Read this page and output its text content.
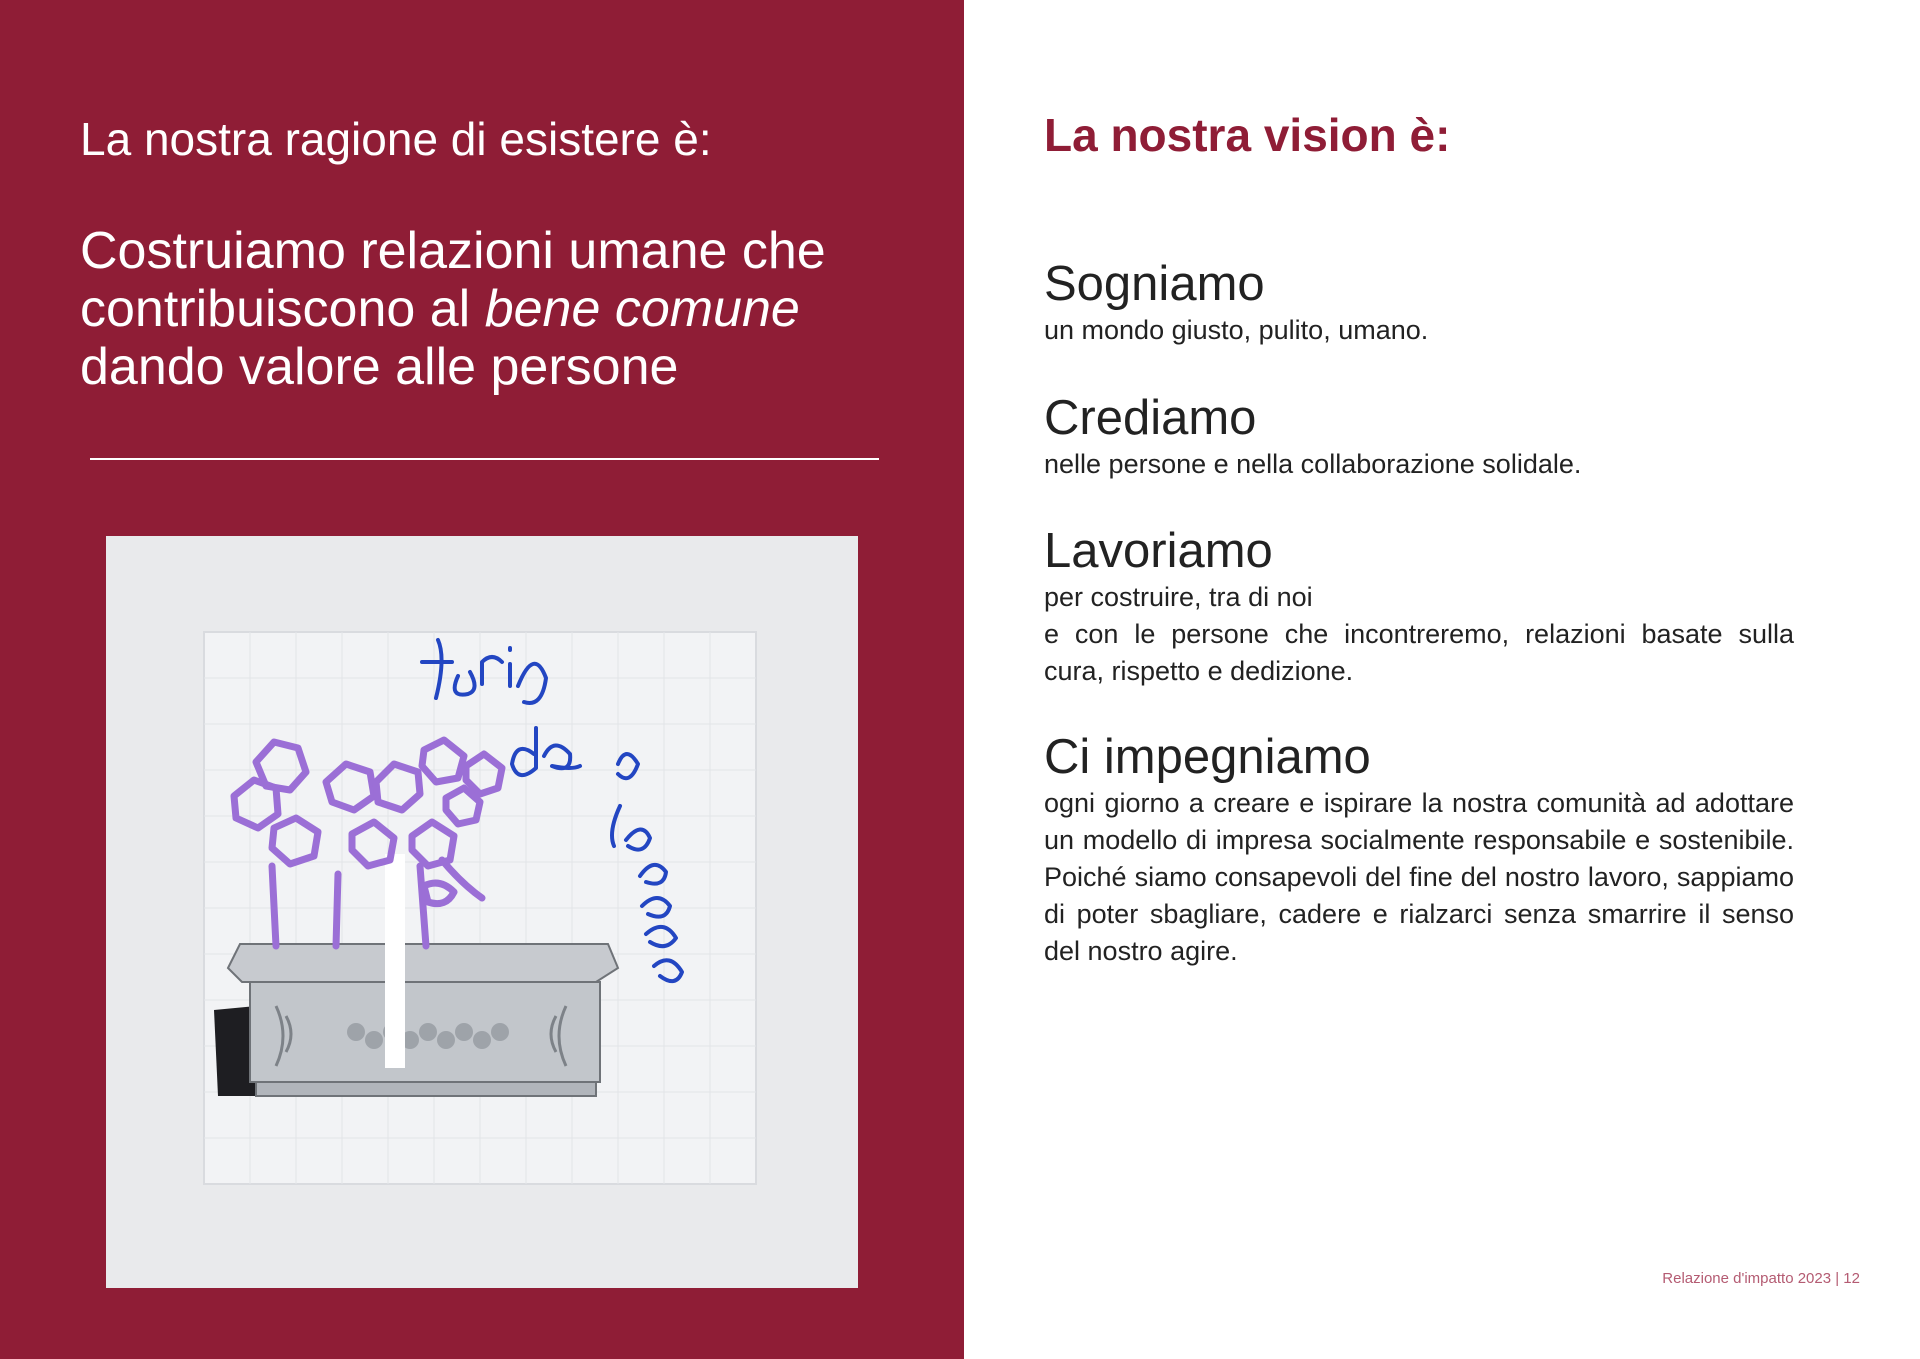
La nostra ragione di esistere è:

Costruiamo relazioni umane che contribuiscono al bene comune dando valore alle persone

La nostra vision è:
Sogniamo

un mondo giusto, pulito, umano.

Crediamo

nelle persone e nella collaborazione solidale.

Lavoriamo

per costruire, tra di noi

e con le persone che incontreremo, relazioni basate sulla cura, rispetto e dedizione.

Ci impegniamo

ogni giorno a creare e ispirare la nostra comunità ad adottare un modello di impresa socialmente responsabile e sostenibile. Poiché siamo consapevoli del fine del nostro lavoro, sappiamo di poter sbagliare, cadere e rialzarci senza smarrire il senso del nostro agire.

Relazione d'impatto 2023 | 12
